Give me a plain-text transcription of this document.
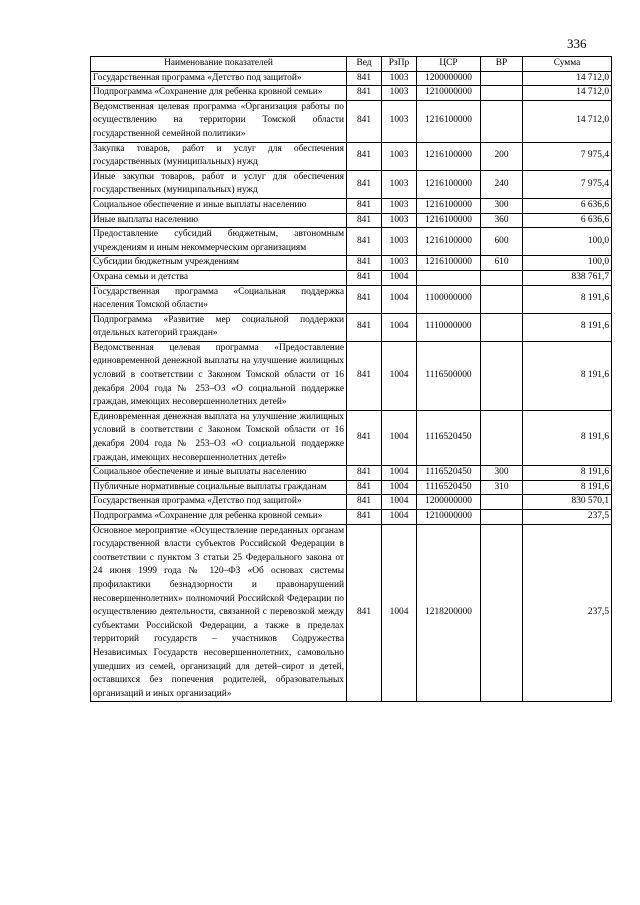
336
Наименование показателей	Вед	РзПр	ЦСР	ВР	Сумма
Государственная программа «Детство под защитой»	841	1003	1200000000		14 712,0
Подпрограмма «Сохранение для ребенка кровной семьи»	841	1003	1210000000		14 712,0
Ведомственная целевая программа «Организация работы по осуществлению на территории Томской области государственной семейной политики»	841	1003	1216100000		14 712,0
Закупка товаров, работ и услуг для обеспечения государственных (муниципальных) нужд	841	1003	1216100000	200	7 975,4
Иные закупки товаров, работ и услуг для обеспечения государственных (муниципальных) нужд	841	1003	1216100000	240	7 975,4
Социальное обеспечение и иные выплаты населению	841	1003	1216100000	300	6 636,6
Иные выплаты населению	841	1003	1216100000	360	6 636,6
Предоставление субсидий бюджетным, автономным учреждениям и иным некоммерческим организациям	841	1003	1216100000	600	100,0
Субсидии бюджетным учреждениям	841	1003	1216100000	610	100,0
Охрана семьи и детства	841	1004			838 761,7
Государственная программа «Социальная поддержка населения Томской области»	841	1004	1100000000		8 191,6
Подпрограмма «Развитие мер социальной поддержки отдельных категорий граждан»	841	1004	1110000000		8 191,6
Ведомственная целевая программа «Предоставление единовременной денежной выплаты на улучшение жилищных условий в соответствии с Законом Томской области от 16 декабря 2004 года № 253–ОЗ «О социальной поддержке граждан, имеющих несовершеннолетних детей»	841	1004	1116500000		8 191,6
Единовременная денежная выплата на улучшение жилищных условий в соответствии с Законом Томской области от 16 декабря 2004 года № 253–ОЗ «О социальной поддержке граждан, имеющих несовершеннолетних детей»	841	1004	1116520450		8 191,6
Социальное обеспечение и иные выплаты населению	841	1004	1116520450	300	8 191,6
Публичные нормативные социальные выплаты гражданам	841	1004	1116520450	310	8 191,6
Государственная программа «Детство под защитой»	841	1004	1200000000		830 570,1
Подпрограмма «Сохранение для ребенка кровной семьи»	841	1004	1210000000		237,5
Основное мероприятие «Осуществление переданных органам государственной власти субъектов Российской Федерации в соответствии с пунктом 3 статьи 25 Федерального закона от 24 июня 1999 года № 120–ФЗ «Об основах системы профилактики безнадзорности и правонарушений несовершеннолетних» полномочий Российской Федерации по осуществлению деятельности, связанной с перевозкой между субъектами Российской Федерации, а также в пределах территорий государств – участников Содружества Независимых Государств несовершеннолетних, самовольно ушедших из семей, организаций для детей–сирот и детей, оставшихся без попечения родителей, образовательных организаций и иных организаций»	841	1004	1218200000		237,5
